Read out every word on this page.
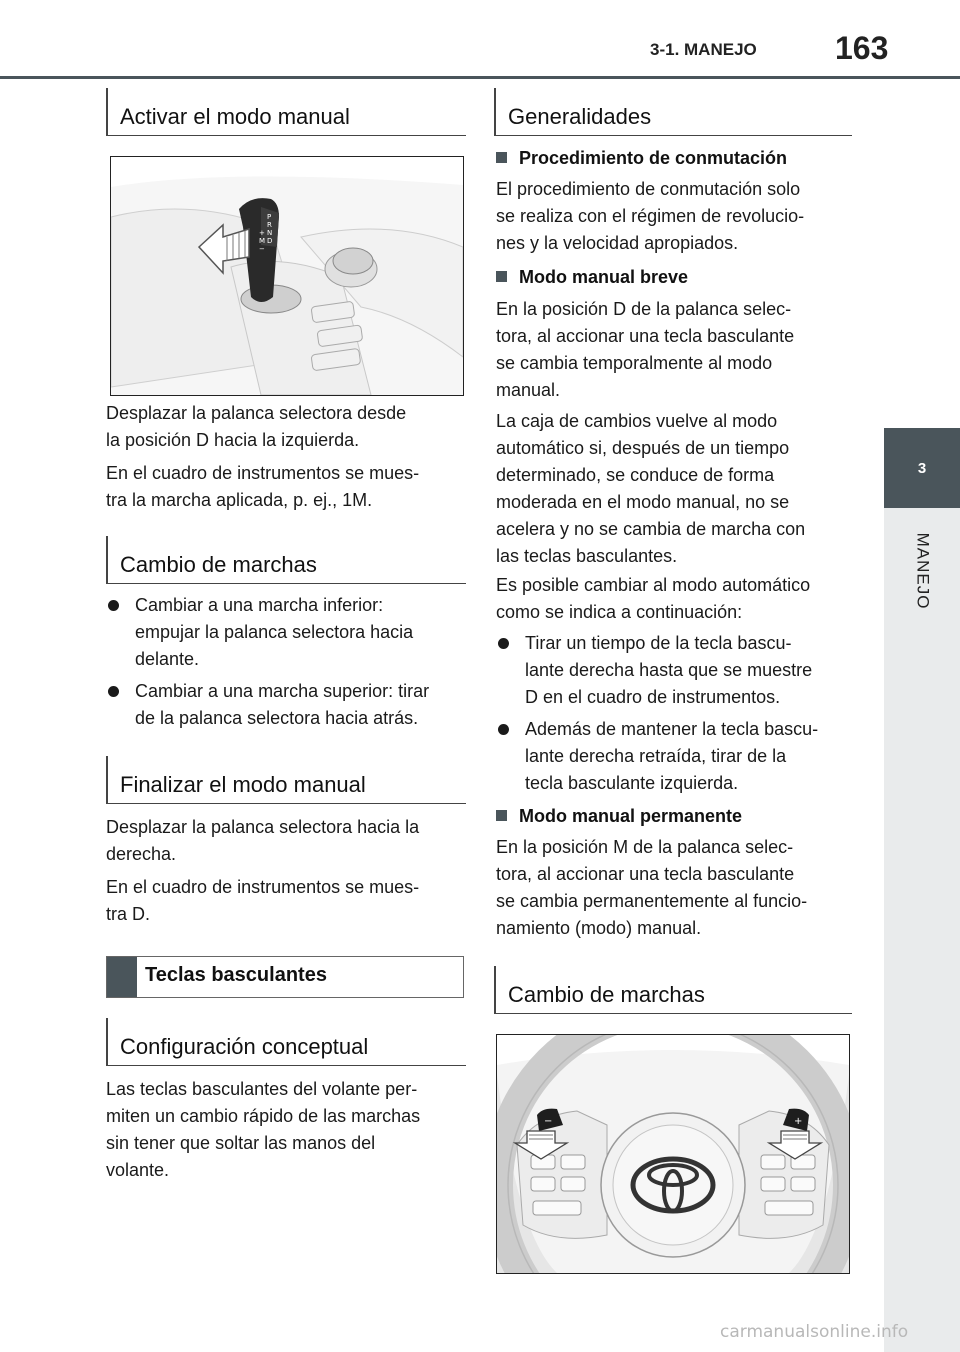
3-1. MANEJO 163
3
MANEJO
Activar el modo manual
P
R
N
D
M
+
−
Desplazar la palanca selectora desde
la posición D hacia la izquierda.
En el cuadro de instrumentos se mues-
tra la marcha aplicada, p. ej., 1M.
Cambio de marchas
Cambiar a una marcha inferior:
empujar la palanca selectora hacia
delante.
Cambiar a una marcha superior: tirar
de la palanca selectora hacia atrás.
Finalizar el modo manual
Desplazar la palanca selectora hacia la
derecha.
En el cuadro de instrumentos se mues-
tra D.
Teclas basculantes
Configuración conceptual
Las teclas basculantes del volante per-
miten un cambio rápido de las marchas
sin tener que soltar las manos del
volante.
Generalidades
Procedimiento de conmutación
El procedimiento de conmutación solo
se realiza con el régimen de revolucio-
nes y la velocidad apropiados.
Modo manual breve
En la posición D de la palanca selec-
tora, al accionar una tecla basculante
se cambia temporalmente al modo
manual.
La caja de cambios vuelve al modo
automático si, después de un tiempo
determinado, se conduce de forma
moderada en el modo manual, no se
acelera y no se cambia de marcha con
las teclas basculantes.
Es posible cambiar al modo automático
como se indica a continuación:
Tirar un tiempo de la tecla bascu-
lante derecha hasta que se muestre
D en el cuadro de instrumentos.
Además de mantener la tecla bascu-
lante derecha retraída, tirar de la
tecla basculante izquierda.
Modo manual permanente
En la posición M de la palanca selec-
tora, al accionar una tecla basculante
se cambia permanentemente al funcio-
namiento (modo) manual.
Cambio de marchas
−	+
carmanualsonline.info
